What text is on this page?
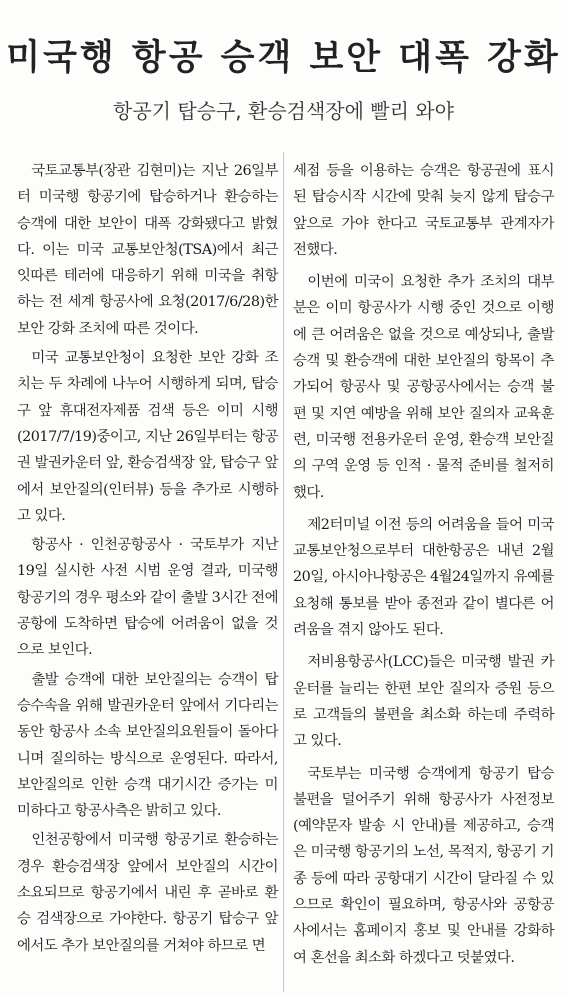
미국행 항공 승객 보안 대폭 강화
항공기 탑승구, 환승검색장에 빨리 와야

국토교통부(장관 김현미)는 지난 26일부터 미국행 항공기에 탑승하거나 환승하는 승객에 대한 보안이 대폭 강화됐다고 밝혔다. 이는 미국 교통보안청(TSA)에서 최근 잇따른 테러에 대응하기 위해 미국을 취항하는 전 세계 항공사에 요청(2017/6/28)한 보안 강화 조치에 따른 것이다.

미국 교통보안청이 요청한 보안 강화 조치는 두 차례에 나누어 시행하게 되며, 탑승구 앞 휴대전자제품 검색 등은 이미 시행(2017/7/19)중이고, 지난 26일부터는 항공권 발권카운터 앞, 환승검색장 앞, 탑승구 앞에서 보안질의(인터뷰) 등을 추가로 시행하고 있다.

항공사 · 인천공항공사 · 국토부가 지난 19일 실시한 사전 시범 운영 결과, 미국행 항공기의 경우 평소와 같이 출발 3시간 전에 공항에 도착하면 탑승에 어려움이 없을 것으로 보인다.

출발 승객에 대한 보안질의는 승객이 탑승수속을 위해 발권카운터 앞에서 기다리는 동안 항공사 소속 보안질의요원들이 돌아다니며 질의하는 방식으로 운영된다. 따라서, 보안질의로 인한 승객 대기시간 증가는 미미하다고 항공사측은 밝히고 있다.

인천공항에서 미국행 항공기로 환승하는 경우 환승검색장 앞에서 보안질의 시간이 소요되므로 항공기에서 내린 후 곧바로 환승 검색장으로 가야한다. 항공기 탑승구 앞에서도 추가 보안질의를 거쳐야 하므로 면

세점 등을 이용하는 승객은 항공권에 표시된 탑승시작 시간에 맞춰 늦지 않게 탑승구 앞으로 가야 한다고 국토교통부 관계자가 전했다.

이번에 미국이 요청한 추가 조치의 대부분은 이미 항공사가 시행 중인 것으로 이행에 큰 어려움은 없을 것으로 예상되나, 출발승객 및 환승객에 대한 보안질의 항목이 추가되어 항공사 및 공항공사에서는 승객 불편 및 지연 예방을 위해 보안 질의자 교육훈련, 미국행 전용카운터 운영, 환승객 보안질의 구역 운영 등 인적 · 물적 준비를 철저히 했다.

제2터미널 이전 등의 어려움을 들어 미국 교통보안청으로부터 대한항공은 내년 2월20일, 아시아나항공은 4월24일까지 유예를 요청해 통보를 받아 종전과 같이 별다른 어려움을 겪지 않아도 된다.

저비용항공사(LCC)들은 미국행 발권 카운터를 늘리는 한편 보안 질의자 증원 등으로 고객들의 불편을 최소화 하는데 주력하고 있다.

국토부는 미국행 승객에게 항공기 탑승 불편을 덜어주기 위해 항공사가 사전정보(예약문자 발송 시 안내)를 제공하고, 승객은 미국행 항공기의 노선, 목적지, 항공기 기종 등에 따라 공항대기 시간이 달라질 수 있으므로 확인이 필요하며, 항공사와 공항공사에서는 홈페이지 홍보 및 안내를 강화하여 혼선을 최소화 하겠다고 덧붙였다.
